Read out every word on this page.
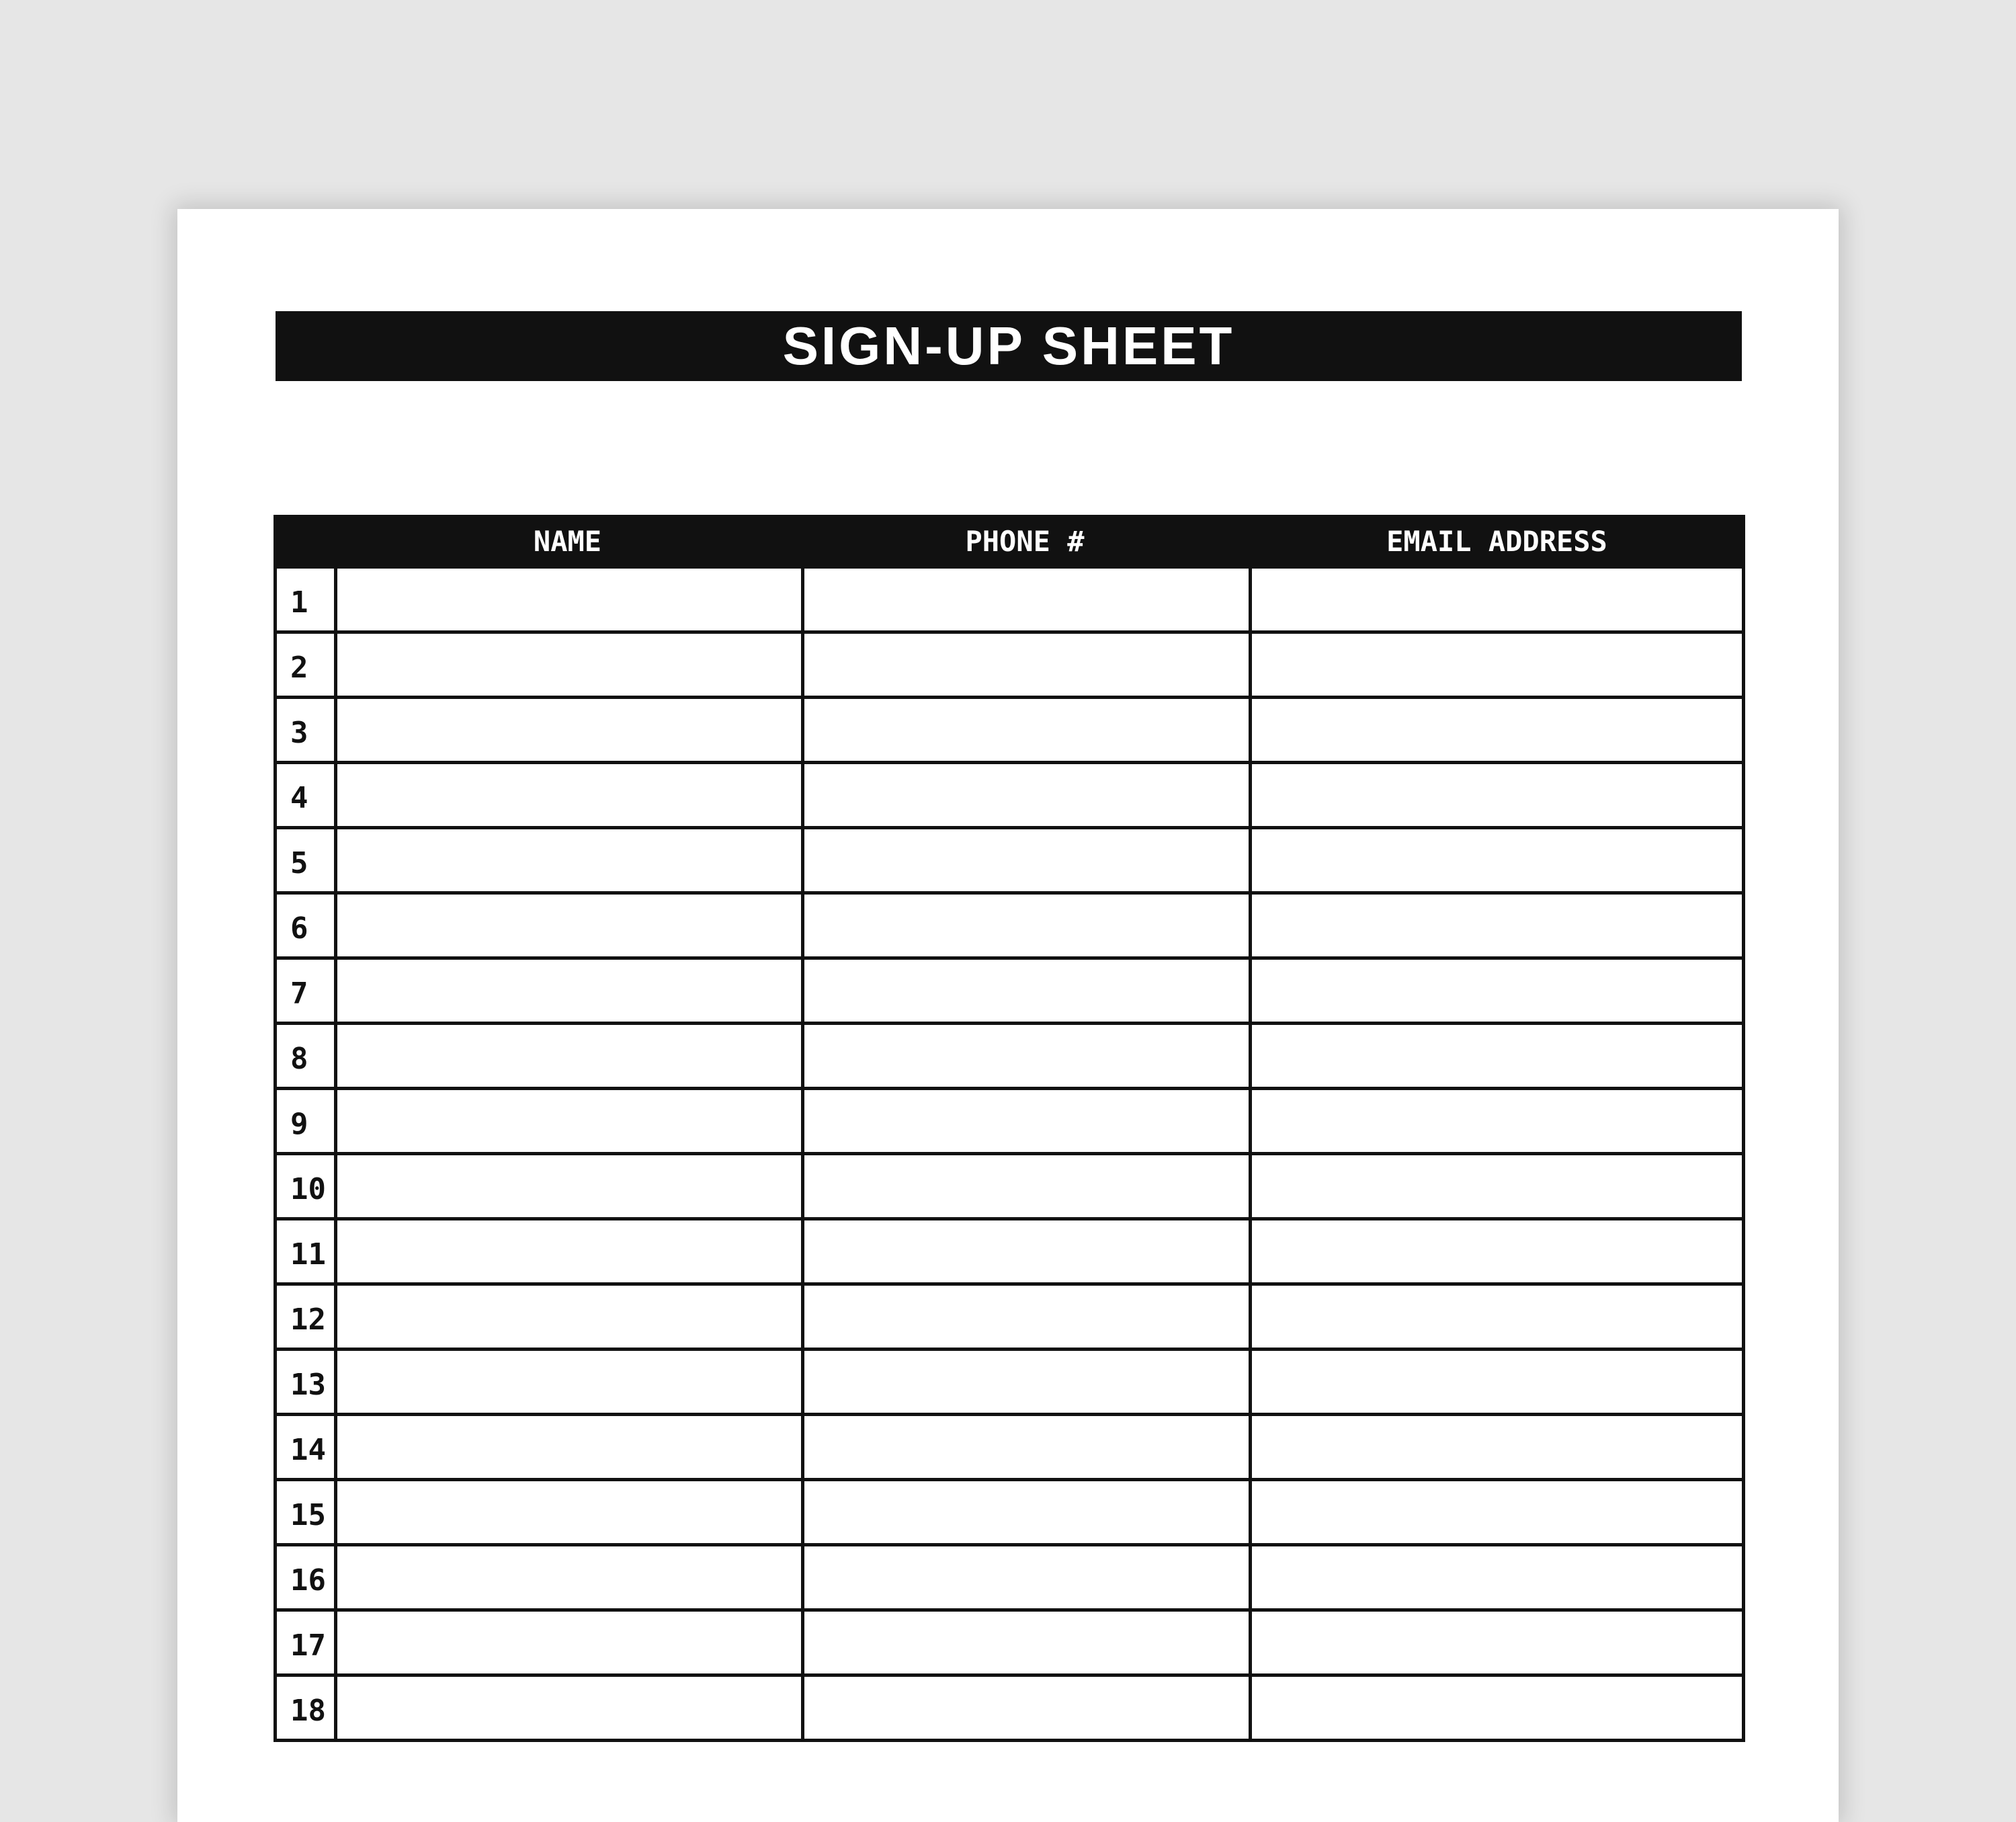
SIGN-UP SHEET
NAME	PHONE #	EMAIL ADDRESS
1
2
3
4
5
6
7
8
9
10
11
12
13
14
15
16
17
18
